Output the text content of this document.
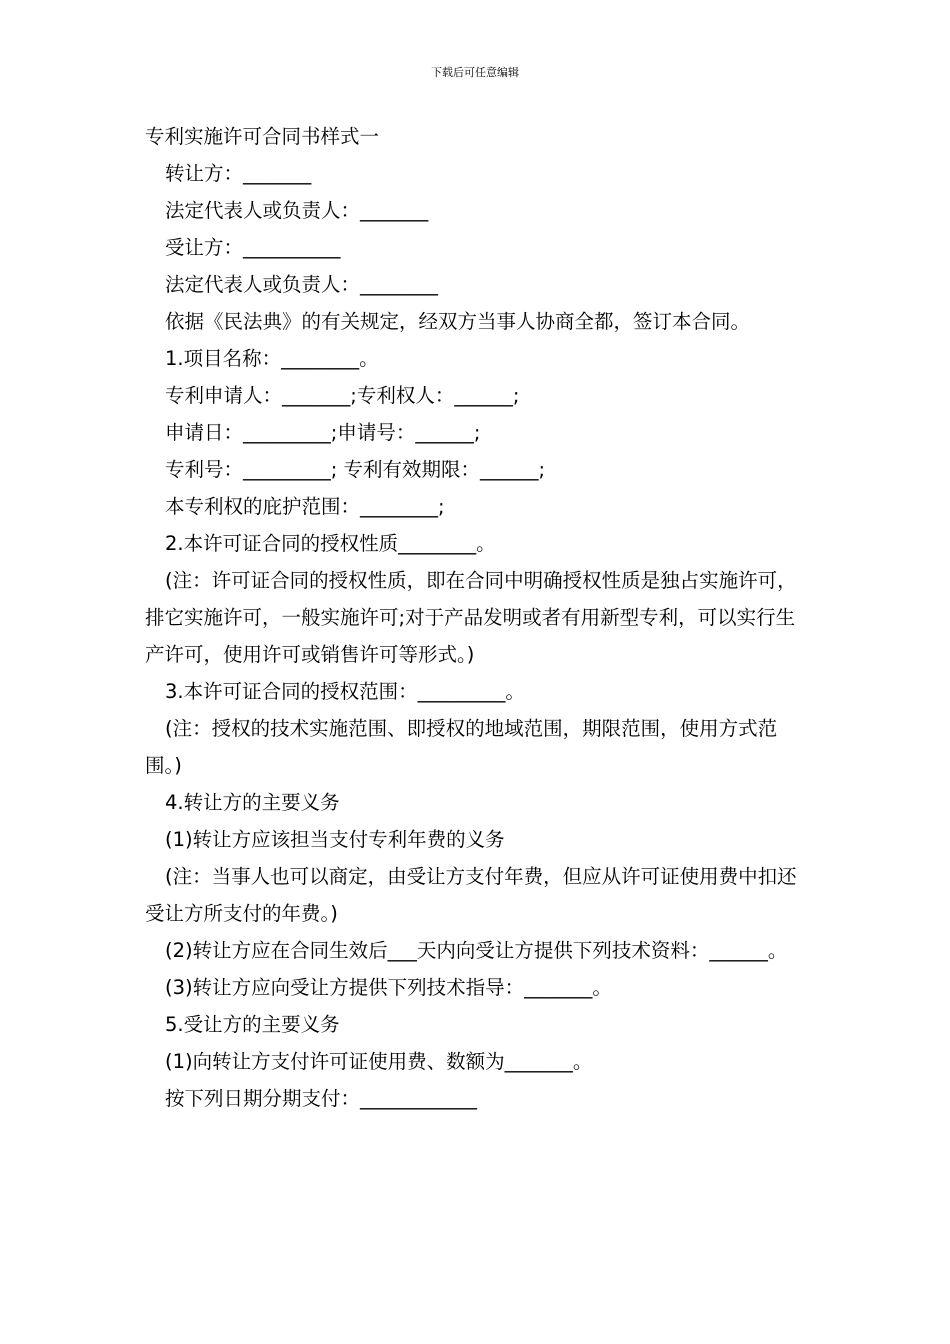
下载后可任意编辑
专利实施许可合同书样式一

转让方：_______

法定代表人或负责人：_______

受让方：__________

法定代表人或负责人：________

依据《民法典》的有关规定，经双方当事人协商全都，签订本合同。

1.项目名称：________。

专利申请人：_______;专利权人：______;

申请日：_________;申请号：______;

专利号：_________; 专利有效期限：______;

本专利权的庇护范围：________;

2.本许可证合同的授权性质________。

(注：许可证合同的授权性质，即在合同中明确授权性质是独占实施许可，排它实施许可，一般实施许可;对于产品发明或者有用新型专利，可以实行生产许可，使用许可或销售许可等形式。)

3.本许可证合同的授权范围：_________。

(注：授权的技术实施范围、即授权的地域范围，期限范围，使用方式范围。)

4.转让方的主要义务

(1)转让方应该担当支付专利年费的义务

(注：当事人也可以商定，由受让方支付年费，但应从许可证使用费中扣还受让方所支付的年费。)

(2)转让方应在合同生效后___天内向受让方提供下列技术资料：______。

(3)转让方应向受让方提供下列技术指导：_______。

5.受让方的主要义务

(1)向转让方支付许可证使用费、数额为_______。

按下列日期分期支付：____________
